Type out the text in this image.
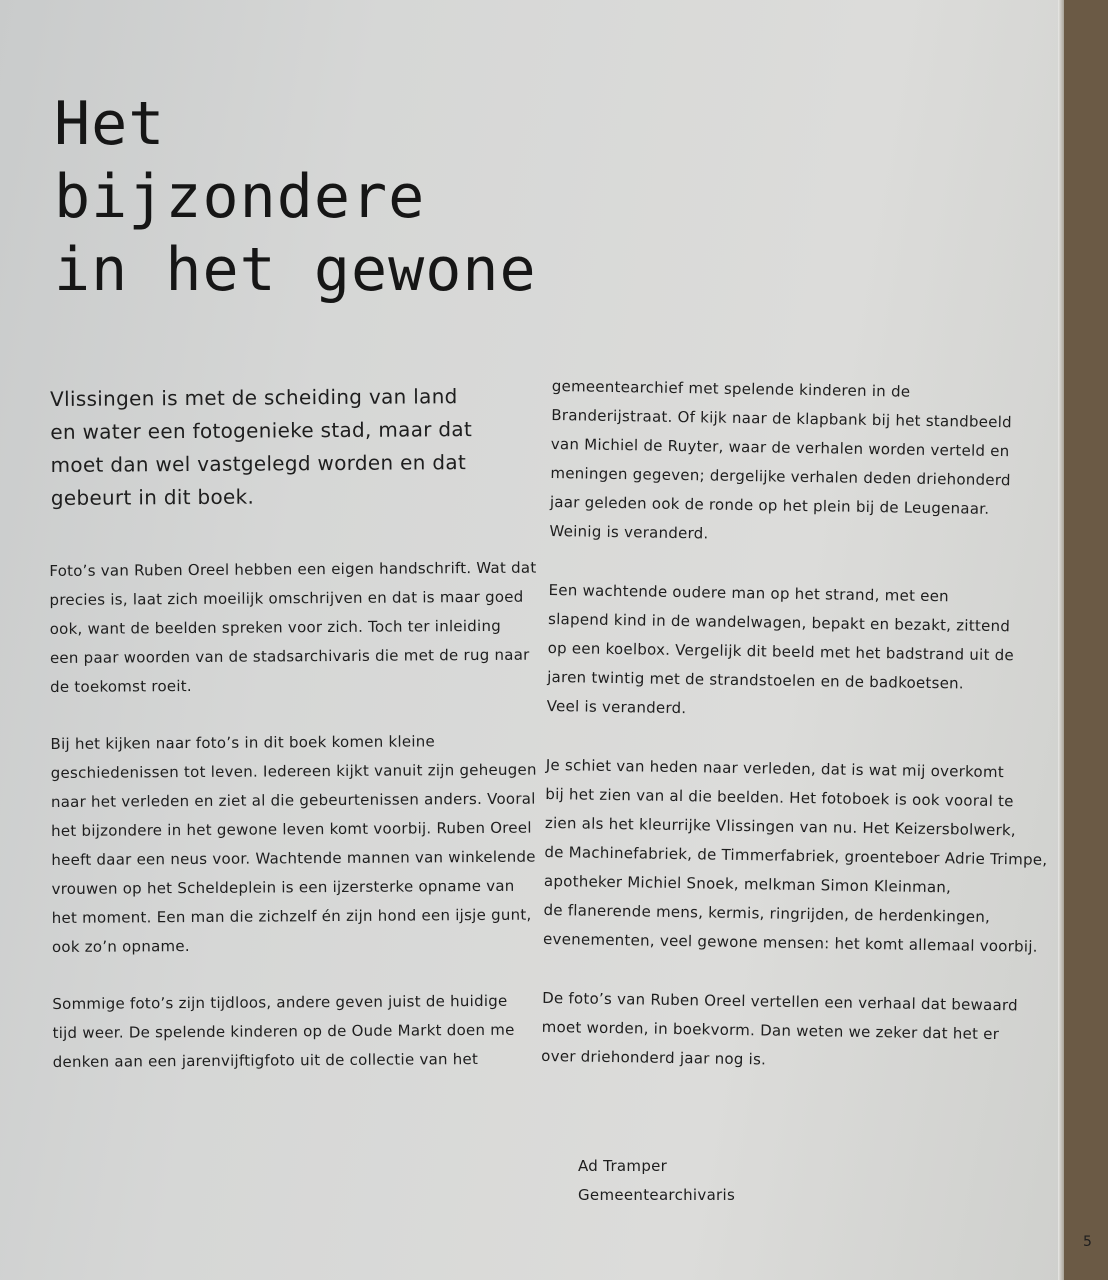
Het
bijzondere
in het gewone

Vlissingen is met de scheiding van land
en water een fotogenieke stad, maar dat
moet dan wel vastgelegd worden en dat
gebeurt in dit boek.

Foto’s van Ruben Oreel hebben een eigen handschrift. Wat dat
precies is, laat zich moeilijk omschrijven en dat is maar goed
ook, want de beelden spreken voor zich. Toch ter inleiding
een paar woorden van de stadsarchivaris die met de rug naar
de toekomst roeit.

Bij het kijken naar foto’s in dit boek komen kleine
geschiedenissen tot leven. Iedereen kijkt vanuit zijn geheugen
naar het verleden en ziet al die gebeurtenissen anders. Vooral
het bijzondere in het gewone leven komt voorbij. Ruben Oreel
heeft daar een neus voor. Wachtende mannen van winkelende
vrouwen op het Scheldeplein is een ijzersterke opname van
het moment. Een man die zichzelf én zijn hond een ijsje gunt,
ook zo’n opname.

Sommige foto’s zijn tijdloos, andere geven juist de huidige
tijd weer. De spelende kinderen op de Oude Markt doen me
denken aan een jarenvijftigfoto uit de collectie van het

gemeentearchief met spelende kinderen in de
Branderijstraat. Of kijk naar de klapbank bij het standbeeld
van Michiel de Ruyter, waar de verhalen worden verteld en
meningen gegeven; dergelijke verhalen deden driehonderd
jaar geleden ook de ronde op het plein bij de Leugenaar.
Weinig is veranderd.

Een wachtende oudere man op het strand, met een
slapend kind in de wandelwagen, bepakt en bezakt, zittend
op een koelbox. Vergelijk dit beeld met het badstrand uit de
jaren twintig met de strandstoelen en de badkoetsen.
Veel is veranderd.

Je schiet van heden naar verleden, dat is wat mij overkomt
bij het zien van al die beelden. Het fotoboek is ook vooral te
zien als het kleurrijke Vlissingen van nu. Het Keizersbolwerk,
de Machinefabriek, de Timmerfabriek, groenteboer Adrie Trimpe,
apotheker Michiel Snoek, melkman Simon Kleinman,
de flanerende mens, kermis, ringrijden, de herdenkingen,
evenementen, veel gewone mensen: het komt allemaal voorbij.

De foto’s van Ruben Oreel vertellen een verhaal dat bewaard
moet worden, in boekvorm. Dan weten we zeker dat het er
over driehonderd jaar nog is.

Ad Tramper
Gemeentearchivaris
5
